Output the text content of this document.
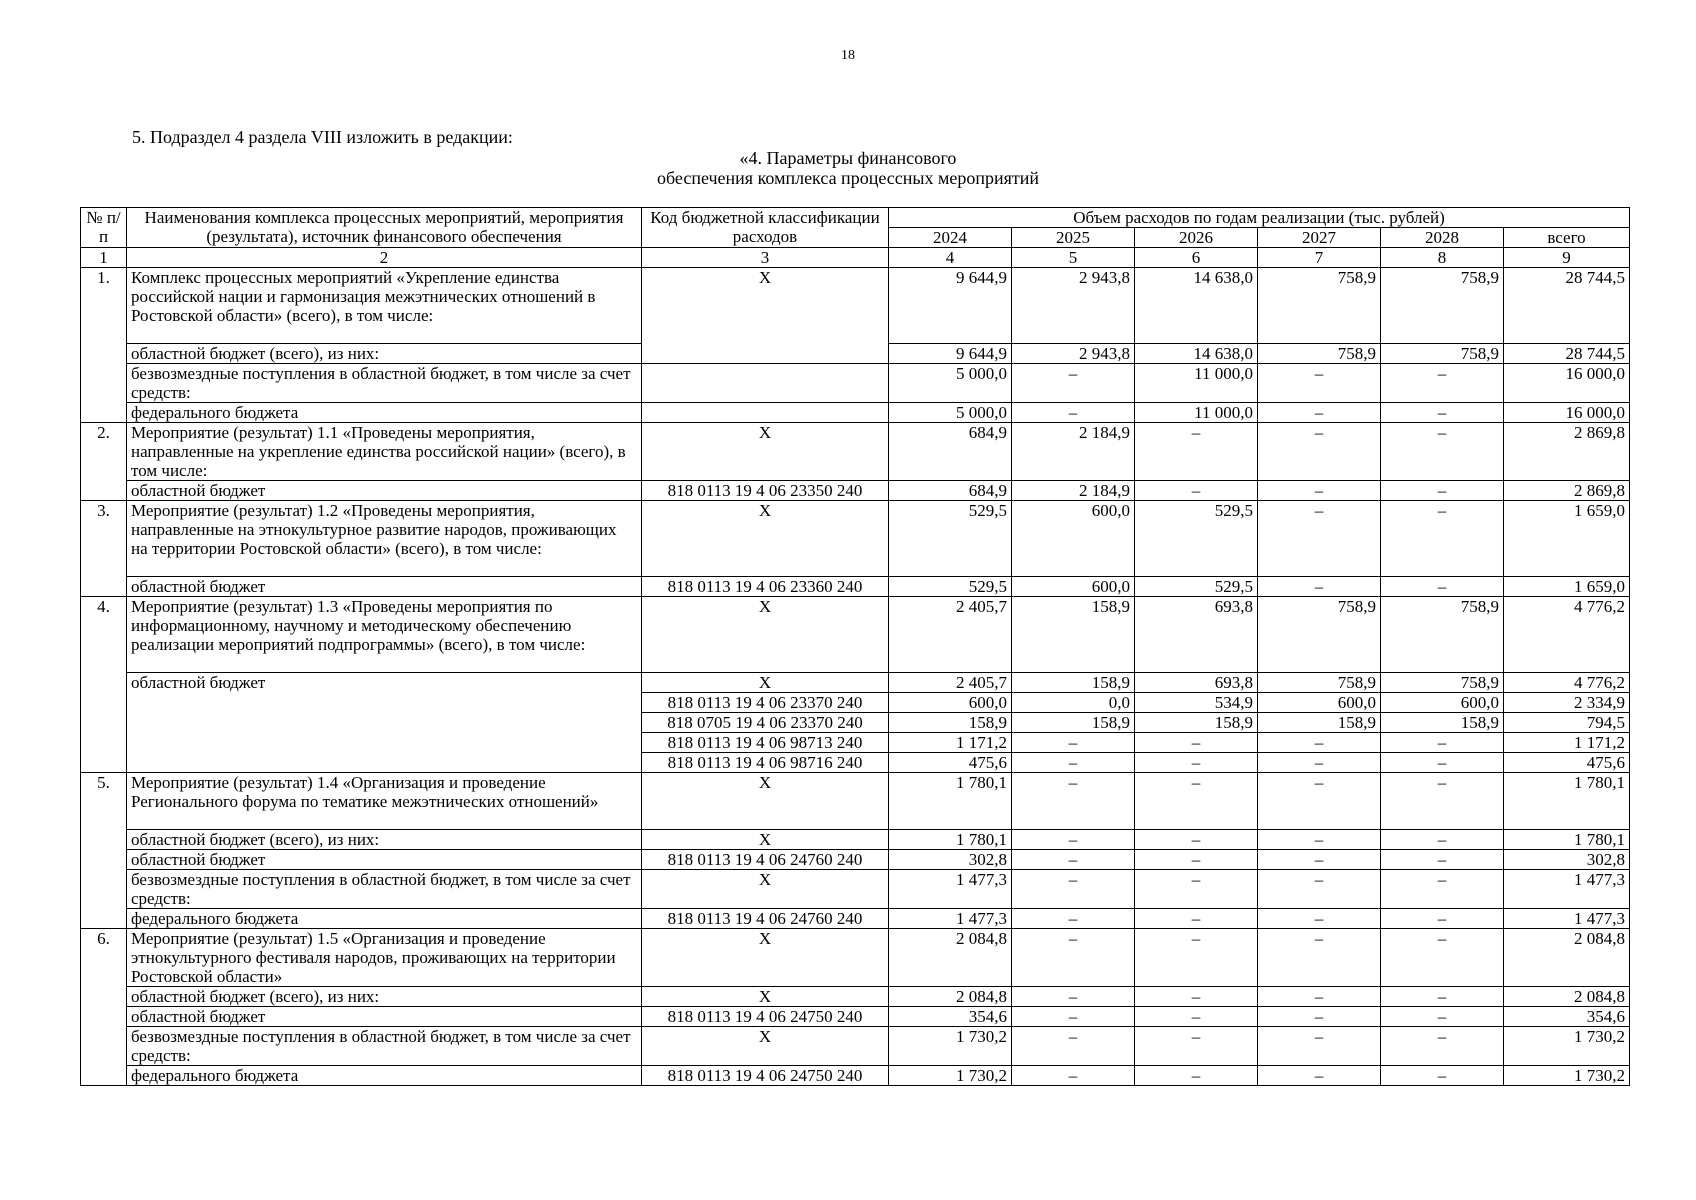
18
5. Подраздел 4 раздела VIII изложить в редакции:
«4. Параметры финансового
обеспечения комплекса процессных мероприятий
№ п/п	Наименования комплекса процессных мероприятий, мероприятия (результата), источник финансового обеспечения	Код бюджетной классификации расходов	Объем расходов по годам реализации (тыс. рублей)					
			2024	2025	2026	2027	2028	всего
1	2	3	4	5	6	7	8	9
1.	Комплекс процессных мероприятий «Укрепление единства российской нации и гармонизация межэтнических отношений в Ростовской области» (всего), в том числе:	X	9 644,9	2 943,8	14 638,0	758,9	758,9	28 744,5
	областной бюджет (всего), из них:		9 644,9	2 943,8	14 638,0	758,9	758,9	28 744,5
	безвозмездные поступления в областной бюджет, в том числе за счет средств:		5 000,0	–	11 000,0	–	–	16 000,0
	федерального бюджета		5 000,0	–	11 000,0	–	–	16 000,0
2.	Мероприятие (результат) 1.1 «Проведены мероприятия, направленные на укрепление единства российской нации» (всего), в том числе:	X	684,9	2 184,9	–	–	–	2 869,8
	областной бюджет	818 0113 19 4 06 23350 240	684,9	2 184,9	–	–	–	2 869,8
3.	Мероприятие (результат) 1.2 «Проведены мероприятия, направленные на этнокультурное развитие народов, проживающих на территории Ростовской области» (всего), в том числе:	X	529,5	600,0	529,5	–	–	1 659,0
	областной бюджет	818 0113 19 4 06 23360 240	529,5	600,0	529,5	–	–	1 659,0
4.	Мероприятие (результат) 1.3 «Проведены мероприятия по информационному, научному и методическому обеспечению реализации мероприятий подпрограммы» (всего), в том числе:	X	2 405,7	158,9	693,8	758,9	758,9	4 776,2
	областной бюджет	X	2 405,7	158,9	693,8	758,9	758,9	4 776,2
		818 0113 19 4 06 23370 240	600,0	0,0	534,9	600,0	600,0	2 334,9
		818 0705 19 4 06 23370 240	158,9	158,9	158,9	158,9	158,9	794,5
		818 0113 19 4 06 98713 240	1 171,2	–	–	–	–	1 171,2
		818 0113 19 4 06 98716 240	475,6	–	–	–	–	475,6
5.	Мероприятие (результат) 1.4 «Организация и проведение Регионального форума по тематике межэтнических отношений»	X	1 780,1	–	–	–	–	1 780,1
	областной бюджет (всего), из них:	X	1 780,1	–	–	–	–	1 780,1
	областной бюджет	818 0113 19 4 06 24760 240	302,8	–	–	–	–	302,8
	безвозмездные поступления в областной бюджет, в том числе за счет средств:	X	1 477,3	–	–	–	–	1 477,3
	федерального бюджета	818 0113 19 4 06 24760 240	1 477,3	–	–	–	–	1 477,3
6.	Мероприятие (результат) 1.5 «Организация и проведение этнокультурного фестиваля народов, проживающих на территории Ростовской области»	X	2 084,8	–	–	–	–	2 084,8
	областной бюджет (всего), из них:	X	2 084,8	–	–	–	–	2 084,8
	областной бюджет	818 0113 19 4 06 24750 240	354,6	–	–	–	–	354,6
	безвозмездные поступления в областной бюджет, в том числе за счет средств:	X	1 730,2	–	–	–	–	1 730,2
	федерального бюджета	818 0113 19 4 06 24750 240	1 730,2	–	–	–	–	1 730,2
